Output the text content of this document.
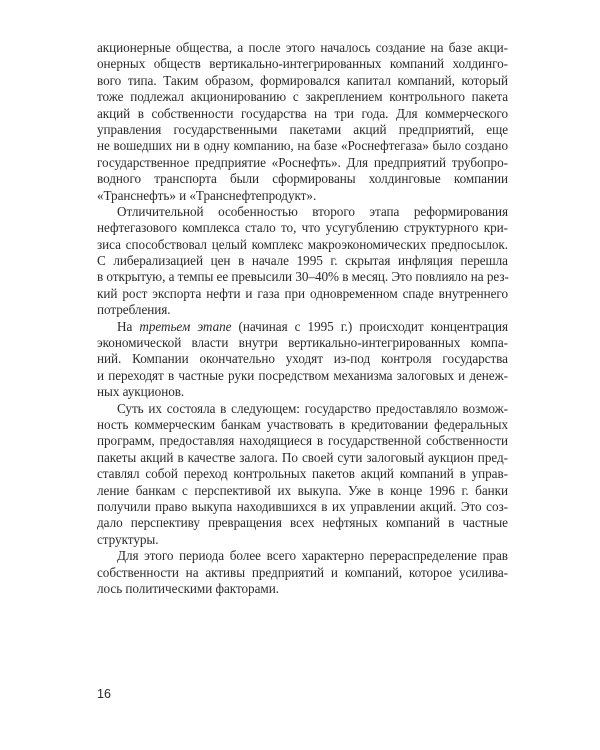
акционерные общества, а после этого началось создание на базе акци-
онерных обществ вертикально-интегрированных компаний холдинго-
вого типа. Таким образом, формировался капитал компаний, который
тоже подлежал акционированию с закреплением контрольного пакета
акций в собственности государства на три года. Для коммерческого
управления государственными пакетами акций предприятий, еще
не вошедших ни в одну компанию, на базе «Роснефтегаза» было создано
государственное предприятие «Роснефть». Для предприятий трубопро-
водного транспорта были сформированы холдинговые компании
«Транснефть» и «Транснефтепродукт».

Отличительной особенностью второго этапа реформирования
нефтегазового комплекса стало то, что усугублению структурного кри-
зиса способствовал целый комплекс макроэкономических предпосылок.
С либерализацией цен в начале 1995 г. скрытая инфляция перешла
в открытую, а темпы ее превысили 30–40% в месяц. Это повлияло на рез-
кий рост экспорта нефти и газа при одновременном спаде внутреннего
потребления.

На третьем этапе (начиная с 1995 г.) происходит концентрация
экономической власти внутри вертикально-интегрированных компа-
ний. Компании окончательно уходят из-под контроля государства
и переходят в частные руки посредством механизма залоговых и денеж-
ных аукционов.

Суть их состояла в следующем: государство предоставляло возмож-
ность коммерческим банкам участвовать в кредитовании федеральных
программ, предоставляя находящиеся в государственной собственности
пакеты акций в качестве залога. По своей сути залоговый аукцион пред-
ставлял собой переход контрольных пакетов акций компаний в управ-
ление банкам с перспективой их выкупа. Уже в конце 1996 г. банки
получили право выкупа находившихся в их управлении акций. Это соз-
дало перспективу превращения всех нефтяных компаний в частные
структуры.

Для этого периода более всего характерно перераспределение прав
собственности на активы предприятий и компаний, которое усилива-
лось политическими факторами.

16
